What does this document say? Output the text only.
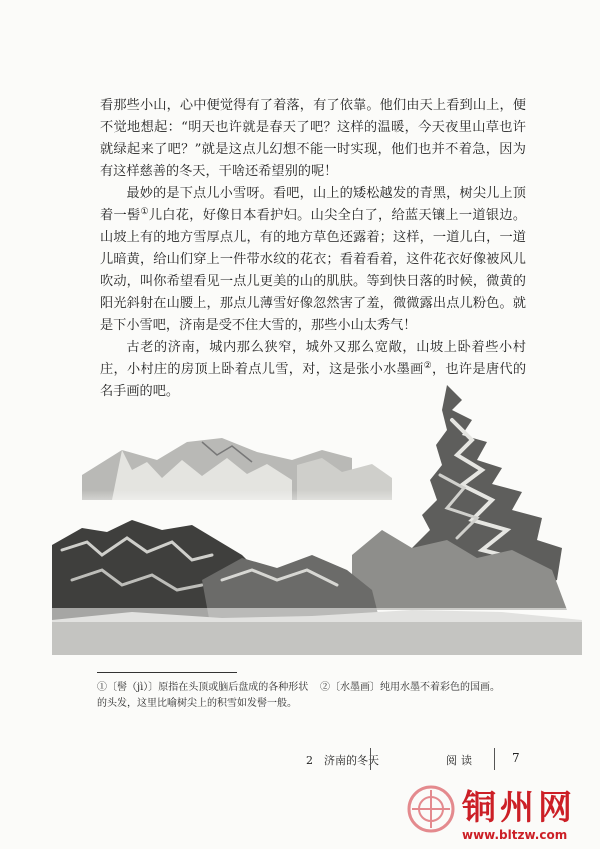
看那些小山，心中便觉得有了着落，有了依靠。他们由天上看到山上，便不觉地想起：“明天也许就是春天了吧？这样的温暖，今天夜里山草也许就绿起来了吧？”就是这点儿幻想不能一时实现，他们也并不着急，因为有这样慈善的冬天，干啥还希望别的呢！

最妙的是下点儿小雪呀。看吧，山上的矮松越发的青黑，树尖儿上顶着一髻①儿白花，好像日本看护妇。山尖全白了，给蓝天镶上一道银边。山坡上有的地方雪厚点儿，有的地方草色还露着；这样，一道儿白，一道儿暗黄，给山们穿上一件带水纹的花衣；看着看着，这件花衣好像被风儿吹动，叫你希望看见一点儿更美的山的肌肤。等到快日落的时候，微黄的阳光斜射在山腰上，那点儿薄雪好像忽然害了羞，微微露出点儿粉色。就是下小雪吧，济南是受不住大雪的，那些小山太秀气！

古老的济南，城内那么狭窄，城外又那么宽敞，山坡上卧着些小村庄，小村庄的房顶上卧着点儿雪，对，这是张小水墨画②，也许是唐代的名手画的吧。

①〔髻（jì）〕原指在头顶或脑后盘成的各种形状的头发，这里比喻树尖上的积雪如发髻一般。
②〔水墨画〕纯用水墨不着彩色的国画。
2　济南的冬天	阅读	7
铜州网
www.bltzw.com
